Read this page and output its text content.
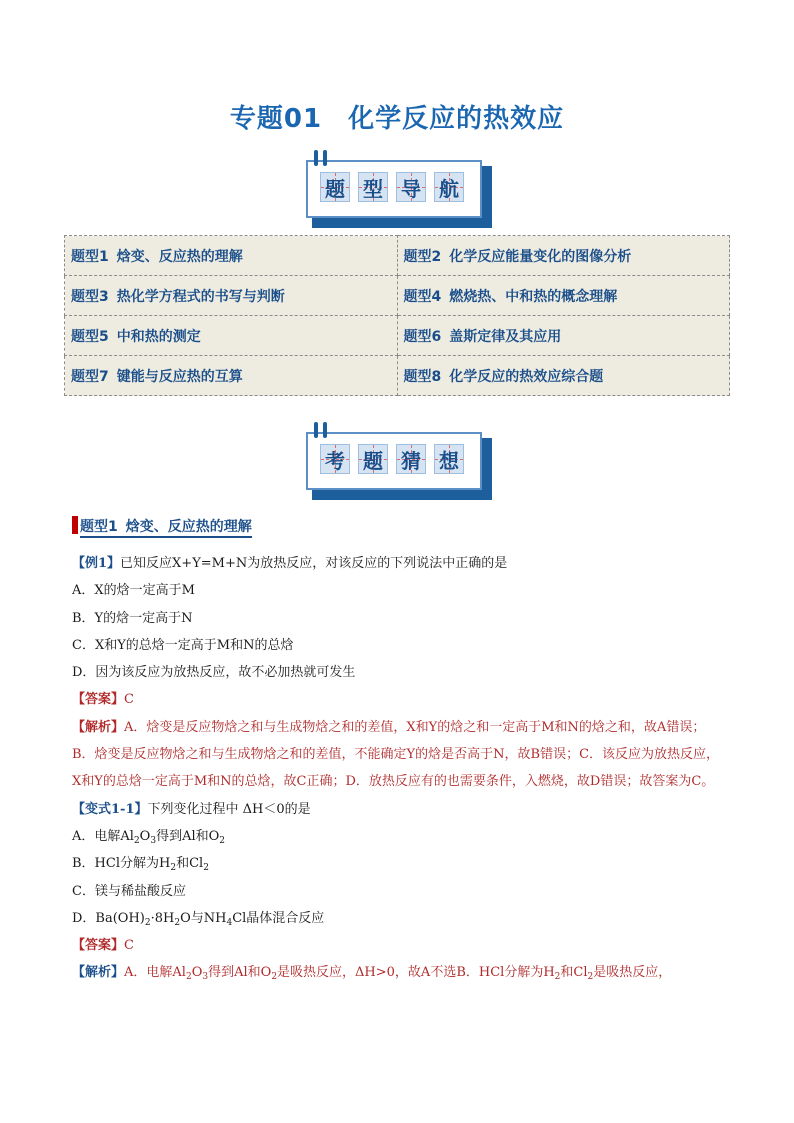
专题01 化学反应的热效应
题 型 导 航
题型1 焓变、反应热的理解	题型2 化学反应能量变化的图像分析
题型3 热化学方程式的书写与判断	题型4 燃烧热、中和热的概念理解
题型5 中和热的测定	题型6 盖斯定律及其应用
题型7 键能与反应热的互算	题型8 化学反应的热效应综合题
考 题 猜 想
题型1 焓变、反应热的理解

【例1】已知反应X+Y=M+N为放热反应，对该反应的下列说法中正确的是

A．X的焓一定高于M

B．Y的焓一定高于N

C．X和Y的总焓一定高于M和N的总焓

D．因为该反应为放热反应，故不必加热就可发生

【答案】C

【解析】A．焓变是反应物焓之和与生成物焓之和的差值，X和Y的焓之和一定高于M和N的焓之和，故A错误；B．焓变是反应物焓之和与生成物焓之和的差值，不能确定Y的焓是否高于N，故B错误；C．该反应为放热反应，X和Y的总焓一定高于M和N的总焓，故C正确；D．放热反应有的也需要条件，入燃烧，故D错误；故答案为C。

【变式1-1】下列变化过程中 ΔH＜0的是

A．电解$Al_2O_3$得到Al和$O_2$

B．HCl分解为$H_2$和$Cl_2$

C．镁与稀盐酸反应

D．$Ba(OH)_2\cdot 8H_2O$与$NH_4Cl$晶体混合反应

【答案】C

【解析】A．电解$Al_2O_3$得到Al和$O_2$是吸热反应，ΔH>0，故A不选B．HCl分解为$H_2$和$Cl_2$是吸热反应，
